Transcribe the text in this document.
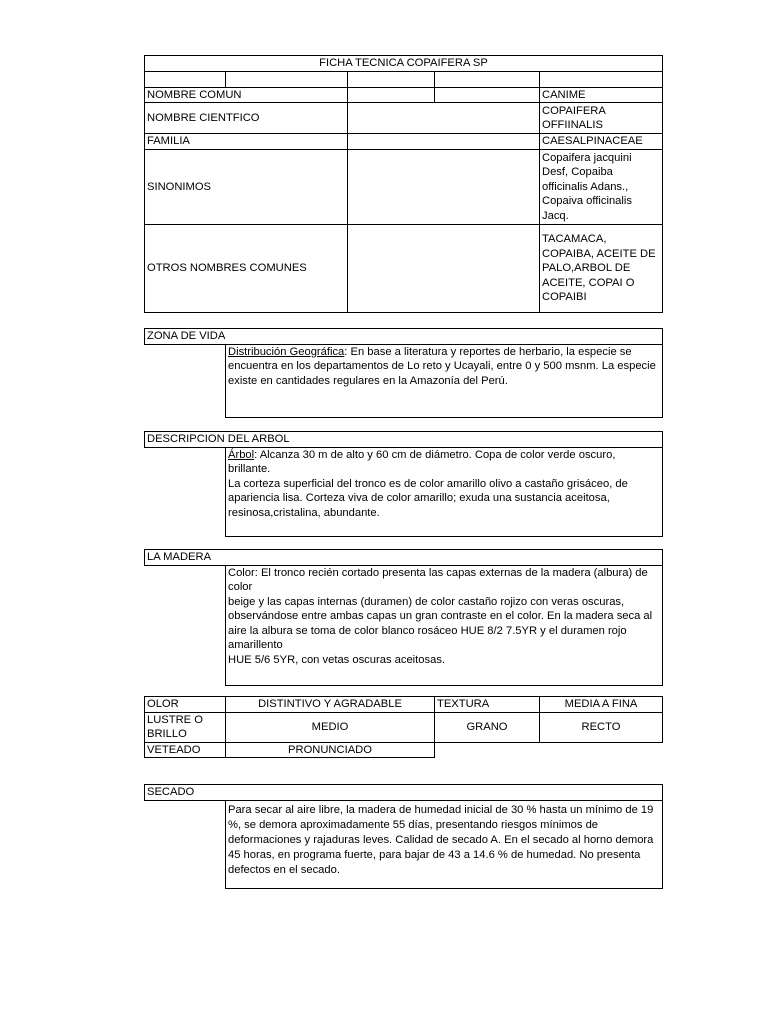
FICHA TECNICA COPAIFERA SP				

NOMBRE COMUN				CANIME
NOMBRE CIENTFICO				COPAIFERA OFFIINALIS
FAMILIA				CAESALPINACEAE
SINONIMOS				Copaifera jacquini Desf, Copaiba officinalis Adans., Copaiva officinalis Jacq.
OTROS NOMBRES COMUNES				TACAMACA, COPAIBA, ACEITE DE PALO,ARBOL DE ACEITE, COPAI O COPAIBI
ZONA DE VIDA
	Distribución Geográfica: En base a literatura y reportes de herbario, la especie se
encuentra en los departamentos de Lo reto y Ucayali, entre 0 y 500 msnm. La especie
existe en cantidades regulares en la Amazonía del Perú.
DESCRIPCION DEL ARBOL
	Árbol: Alcanza 30 m de alto y 60 cm de diámetro. Copa de color verde oscuro, brillante.
La corteza superficial del tronco es de color amarillo olivo a castaño grisáceo, de
apariencia lisa. Corteza viva de color amarillo; exuda una sustancia aceitosa, resinosa,cristalina, abundante.
LA MADERA
	Color: El tronco recién cortado presenta las capas externas de la madera (albura) de color
beige y las capas internas (duramen) de color castaño rojizo con veras oscuras,
observándose entre ambas capas un gran contraste en el color. En la madera seca al aire la albura se toma de color blanco rosáceo HUE 8/2 7.5YR y el duramen rojo amarillento
HUE 5/6 5YR, con vetas oscuras aceitosas.
OLOR	DISTINTIVO Y AGRADABLE	TEXTURA	MEDIA A FINA
LUSTRE O BRILLO	MEDIO	GRANO	RECTO
VETEADO	PRONUNCIADO		
SECADO
	Para secar al aire libre, la madera de humedad inicial de 30 % hasta un mínimo de 19 %, se demora aproximadamente 55 días, presentando riesgos mínimos de deformaciones y rajaduras leves. Calidad de secado A. En el secado al horno demora 45 horas, en programa fuerte, para bajar de 43 a 14.6 % de humedad. No presenta defectos en el secado.
